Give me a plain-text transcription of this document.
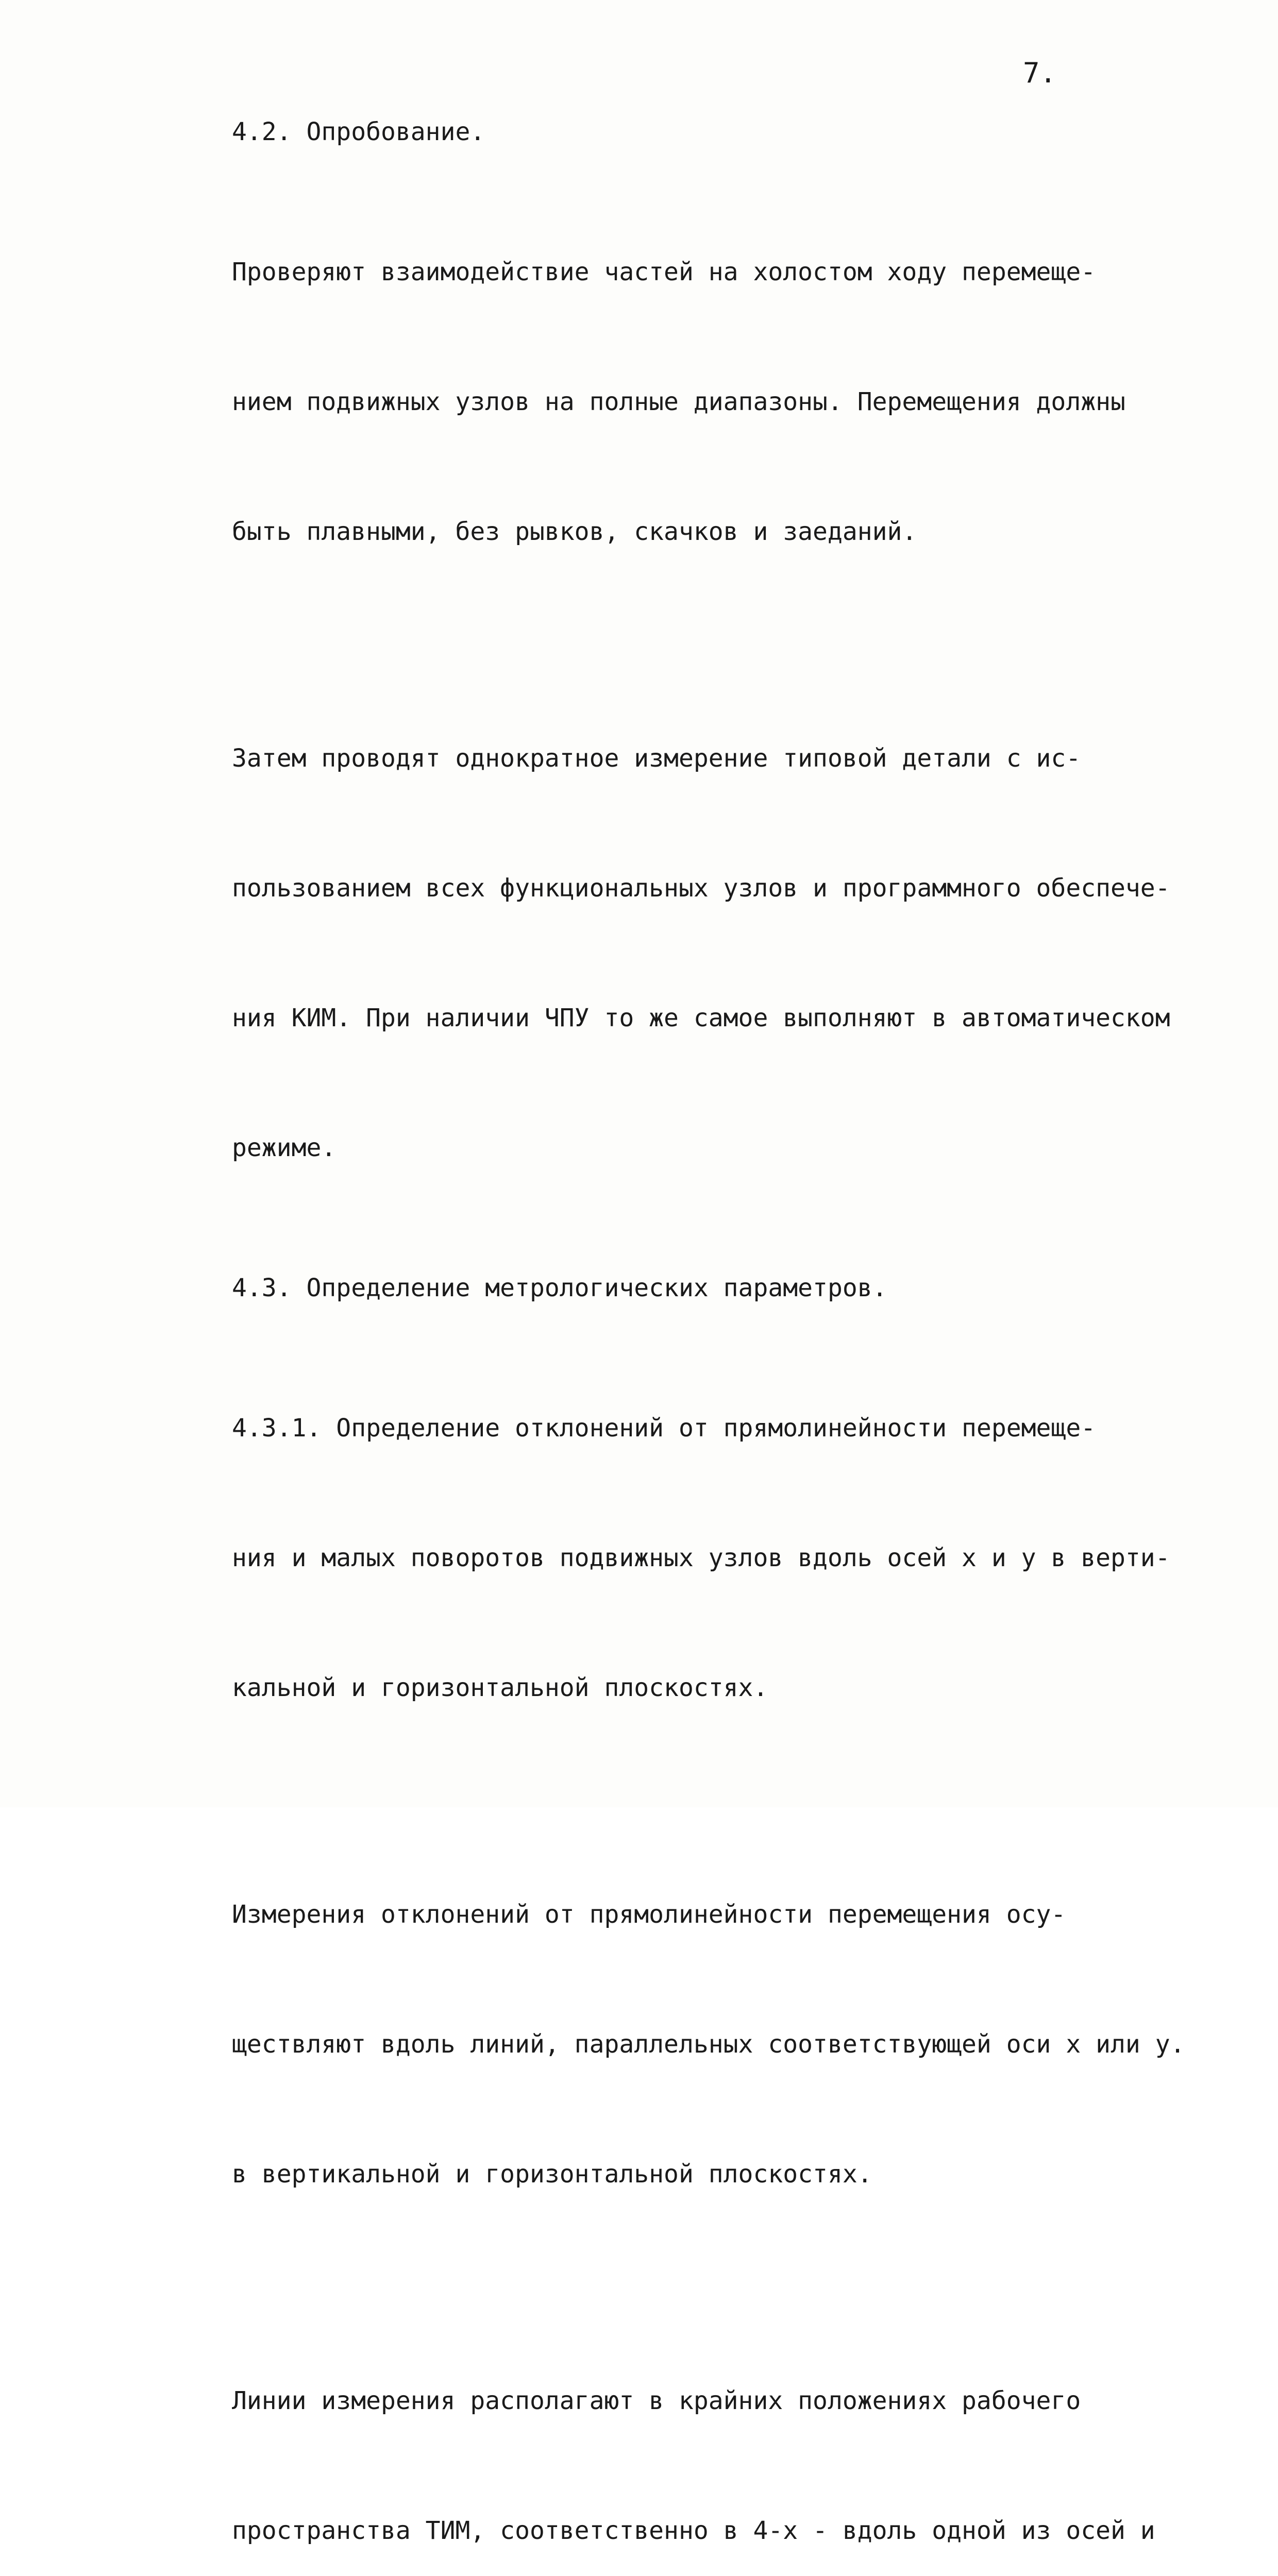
7.

4.2. Опробование.

Проверяют взаимодействие частей на холостом ходу перемеще-

нием подвижных узлов на полные диапазоны. Перемещения должны

быть плавными, без рывков, скачков и заеданий.

Затем проводят однократное измерение типовой детали с ис-

пользованием всех функциональных узлов и программного обеспече-

ния КИМ. При наличии ЧПУ то же самое выполняют в автоматическом

режиме.

4.3. Определение метрологических параметров.

4.3.1. Определение отклонений от прямолинейности перемеще-

ния и малых поворотов подвижных узлов вдоль осей x и y в верти-

кальной и горизонтальной плоскостях.

Измерения отклонений от прямолинейности перемещения осу-

ществляют вдоль линий, параллельных соответствующей оси x или y.

в вертикальной и горизонтальной плоскостях.

Линии измерения располагают в крайних положениях рабочего

пространства ТИМ, соответственно в 4-х - вдоль одной из осей и
